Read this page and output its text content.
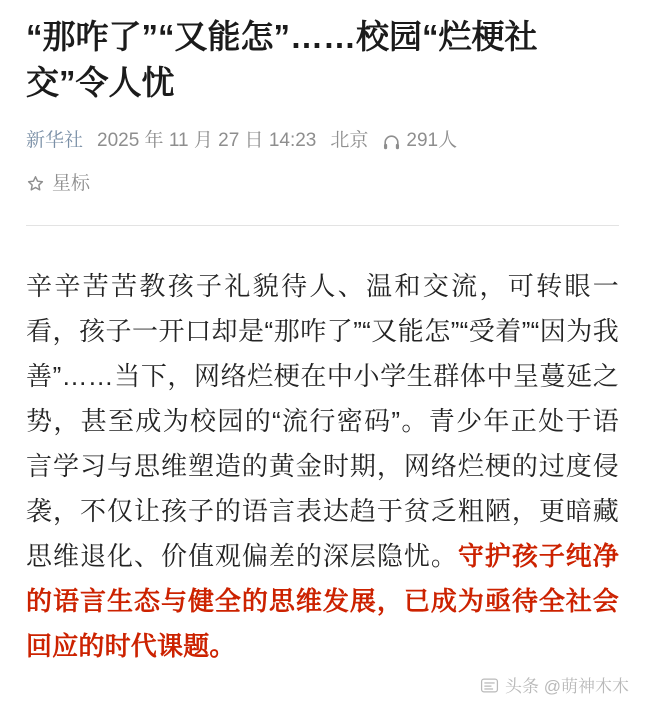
“那咋了”“又能怎”……校园“烂梗社交”令人忧
新华社 2025 年 11 月 27 日 14:23 北京 291人
星标
辛辛苦苦教孩子礼貌待人、温和交流，可转眼一看，孩子一开口却是“那咋了”“又能怎”“受着”“因为我善”……当下，网络烂梗在中小学生群体中呈蔓延之势，甚至成为校园的“流行密码”。青少年正处于语言学习与思维塑造的黄金时期，网络烂梗的过度侵袭，不仅让孩子的语言表达趋于贫乏粗陋，更暗藏思维退化、价值观偏差的深层隐忧。守护孩子纯净的语言生态与健全的思维发展，已成为亟待全社会回应的时代课题。
头条 @萌神木木
